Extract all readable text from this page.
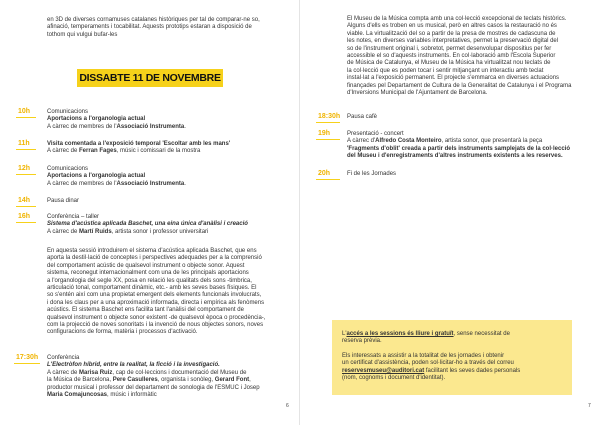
en 3D de diverses cornamuses catalanes històriques per tal de comparar-ne so,
afinació, temperaments i tocabilitat. Aquests prototips estaran a disposició de
tothom qui vulgui bufar-les
DISSABTE 11 DE NOVEMBRE
10h	Comunicacions
Aportacions a l'organologia actual
A càrrec de membres de l'Associació Instrumenta.
11h	Visita comentada a l'exposició temporal 'Escoltar amb les mans'
A càrrec de Ferran Fages, músic i comissari de la mostra
12h	Comunicacions
Aportacions a l'organologia actual
A càrrec de membres de l'Associació Instrumenta.
14h	Pausa dinar
16h	Conferència – taller
Sistema d'acústica aplicada Baschet, una eina única d'anàlisi i creació
A càrrec de Martí Ruids, artista sonor i professor universitari
En aquesta sessió introduirem el sistema d'acústica aplicada Baschet, que ens
aporta la destil·lació de conceptes i perspectives adequades per a la comprensió
del comportament acústic de qualsevol instrument o objecte sonor. Aquest
sistema, reconegut internacionalment com una de les principals aportacions
a l'organologia del segle XX, posa en relació les qualitats dels sons -timbrica,
articulació tonal, comportament dinàmic, etc.- amb les seves bases físiques. El
so s'entén així com una propietat emergent dels elements funcionals involucrats,
i dona les claus per a una aproximació informada, directa i empírica als fenòmens
acústics. El sistema Baschet ens facilita tant l'anàlisi del comportament de
qualsevol instrument o objecte sonor existent -de qualsevol època o procedència-,
com la projecció de noves sonoritats i la invenció de nous objectes sonors, noves
configuracions de forma, matèria i processos d'activació.
17:30h Conferència
L'Electròfon híbrid, entre la realitat, la ficció i la investigació.
A càrrec de Marisa Ruiz, cap de col·leccions i documentació del Museu de
la Música de Barcelona, Pere Casulleres, organista i sonòleg, Gerard Font,
productor musical i professor del departament de sonologia de l'ESMUC i Josep
Maria Comajuncosas, músic i informàtic
6
El Museu de la Música compta amb una col·lecció excepcional de teclats històrics.
Alguns d'ells es troben en us musical, però en altres casos la restauració no és
viable. La virtualització del so a partir de la presa de mostres de cadascuna de
les notes, en diverses variables interpretatives, permet la preservació digital del
so de l'instrument original i, sobretot, permet desenvolupar dispositius per fer
accessible el so d'aquests instruments. En col·laboració amb l'Escola Superior
de Música de Catalunya, el Museu de la Música ha virtualitzat nou teclats de
la col·lecció que es poden tocar i sentir mitjançant un interactiu amb teclat
instal·lat a l'exposició permanent. El projecte s'emmarca en diverses actuacions
finançades pel Departament de Cultura de la Generalitat de Catalunya i el Programa
d'Inversions Municipal de l'Ajuntament de Barcelona.
18:30h Pausa cafè
19h	Presentació - concert
A càrrec d'Alfredo Costa Monteiro, artista sonor, que presentarà la peça
'Fragments d'oblit' creada a partir dels instruments samplejats de la col·lecció
del Museu i d'enregistraments d'altres instruments existents a les reserves.
20h	Fi de les Jornades
L'accés a les sessions és lliure i gratuït, sense necessitat de
reserva prèvia.
Els interessats a assistir a la totalitat de les jornades i obtenir
un certificat d'assistència, poden sol·licitar-ho a través del correu
reservesmuseu@auditori.cat facilitant les seves dades personals
(nom, cognoms i document d'identitat).
7
